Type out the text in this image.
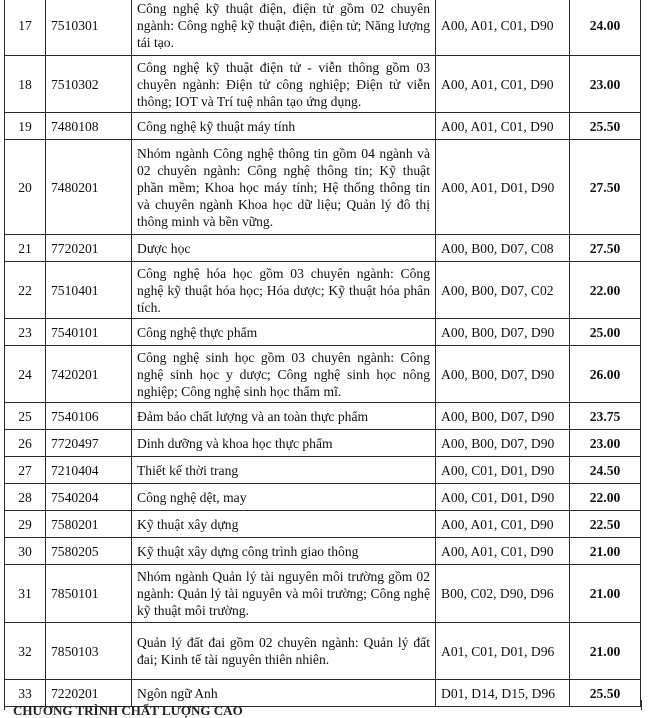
17	7510301	Công nghệ kỹ thuật điện, điện tử gồm 02 chuyên ngành: Công nghệ kỹ thuật điện, điện tử; Năng lượng tái tạo.	A00, A01, C01, D90	24.00
18	7510302	Công nghệ kỹ thuật điện tử - viễn thông gồm 03 chuyên ngành: Điện tử công nghiệp; Điện tử viễn thông; IOT và Trí tuệ nhân tạo ứng dụng.	A00, A01, C01, D90	23.00
19	7480108	Công nghệ kỹ thuật máy tính	A00, A01, C01, D90	25.50
20	7480201	Nhóm ngành Công nghệ thông tin gồm 04 ngành và 02 chuyên ngành: Công nghệ thông tin; Kỹ thuật phần mềm; Khoa học máy tính; Hệ thống thông tin và chuyên ngành Khoa học dữ liệu; Quản lý đô thị thông minh và bền vững.	A00, A01, D01, D90	27.50
21	7720201	Dược học	A00, B00, D07, C08	27.50
22	7510401	Công nghệ hóa học gồm 03 chuyên ngành: Công nghệ kỹ thuật hóa học; Hóa dược; Kỹ thuật hóa phân tích.	A00, B00, D07, C02	22.00
23	7540101	Công nghệ thực phẩm	A00, B00, D07, D90	25.00
24	7420201	Công nghệ sinh học gồm 03 chuyên ngành: Công nghệ sinh học y dược; Công nghệ sinh học nông nghiệp; Công nghệ sinh học thẩm mĩ.	A00, B00, D07, D90	26.00
25	7540106	Đảm bảo chất lượng và an toàn thực phẩm	A00, B00, D07, D90	23.75
26	7720497	Dinh dưỡng và khoa học thực phẩm	A00, B00, D07, D90	23.00
27	7210404	Thiết kế thời trang	A00, C01, D01, D90	24.50
28	7540204	Công nghệ dệt, may	A00, C01, D01, D90	22.00
29	7580201	Kỹ thuật xây dựng	A00, A01, C01, D90	22.50
30	7580205	Kỹ thuật xây dựng công trình giao thông	A00, A01, C01, D90	21.00
31	7850101	Nhóm ngành Quản lý tài nguyên môi trường gồm 02 ngành: Quản lý tài nguyên và môi trường; Công nghệ kỹ thuật môi trường.	B00, C02, D90, D96	21.00
32	7850103	Quản lý đất đai gồm 02 chuyên ngành: Quản lý đất đai; Kinh tế tài nguyên thiên nhiên.	A01, C01, D01, D96	21.00
33	7220201	Ngôn ngữ Anh	D01, D14, D15, D96	25.50
CHƯƠNG TRÌNH CHẤT LƯỢNG CAO
